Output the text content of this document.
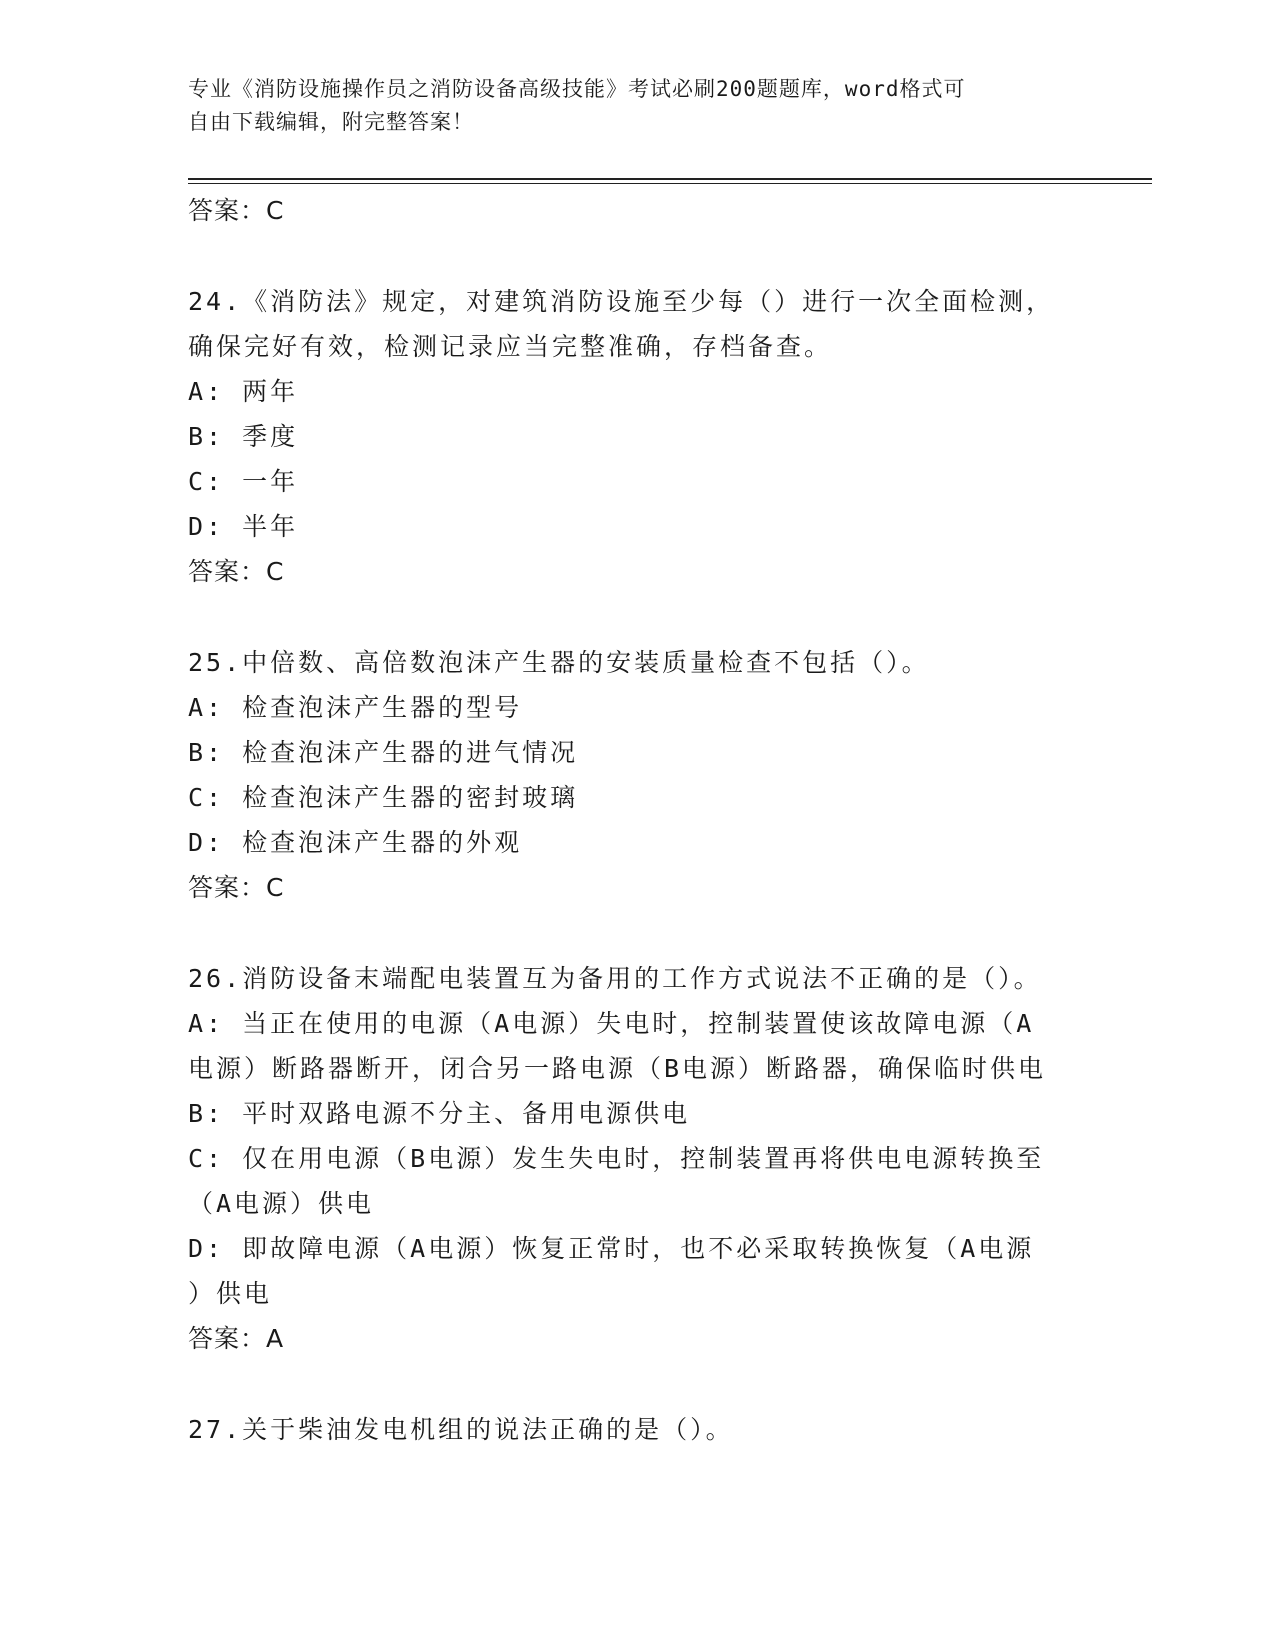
专业《消防设施操作员之消防设备高级技能》考试必刷200题题库，word格式可
自由下载编辑，附完整答案！
答案：C
24.《消防法》规定，对建筑消防设施至少每（）进行一次全面检测，
确保完好有效，检测记录应当完整准确，存档备查。
A: 两年
B: 季度
C: 一年
D: 半年
答案：C
25.中倍数、高倍数泡沫产生器的安装质量检查不包括（）。
A: 检查泡沫产生器的型号
B: 检查泡沫产生器的进气情况
C: 检查泡沫产生器的密封玻璃
D: 检查泡沫产生器的外观
答案：C
26.消防设备末端配电装置互为备用的工作方式说法不正确的是（）。
A: 当正在使用的电源（A电源）失电时，控制装置使该故障电源（A
电源）断路器断开，闭合另一路电源（B电源）断路器，确保临时供电
B: 平时双路电源不分主、备用电源供电
C: 仅在用电源（B电源）发生失电时，控制装置再将供电电源转换至
（A电源）供电
D: 即故障电源（A电源）恢复正常时，也不必采取转换恢复（A电源
）供电
答案：A
27.关于柴油发电机组的说法正确的是（）。
